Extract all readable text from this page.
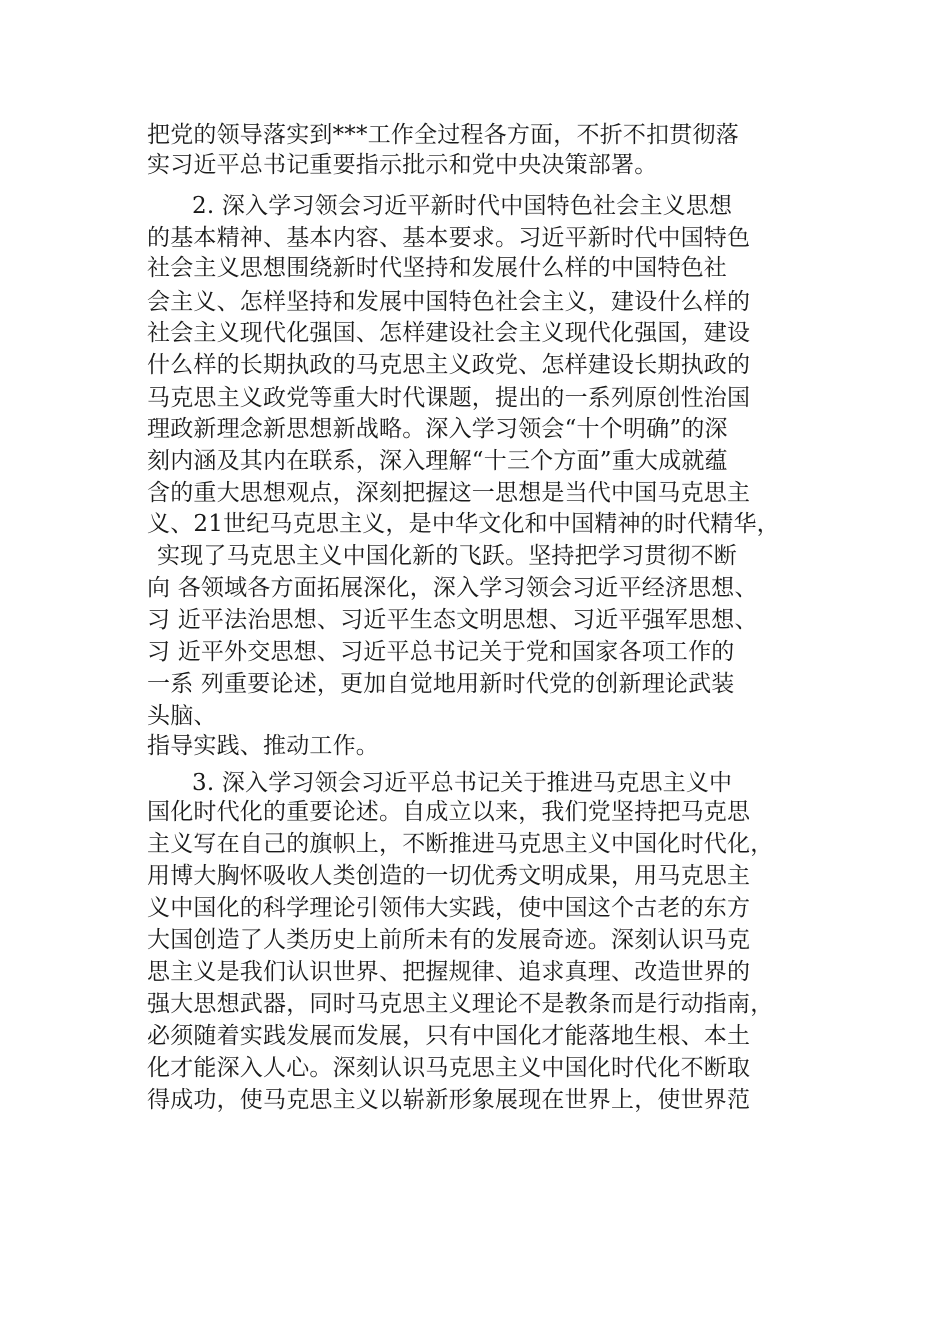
把党的领导落实到***工作全过程各方面，不折不扣贯彻落
实习近平总书记重要指示批示和党中央决策部署。
2. 深入学习领会习近平新时代中国特色社会主义思想
的基本精神、基本内容、基本要求。习近平新时代中国特色
社会主义思想围绕新时代坚持和发展什么样的中国特色社
会主义、怎样坚持和发展中国特色社会主义，建设什么样的
社会主义现代化强国、怎样建设社会主义现代化强国，建设
什么样的长期执政的马克思主义政党、怎样建设长期执政的
马克思主义政党等重大时代课题，提出的一系列原创性治国
理政新理念新思想新战略。深入学习领会“十个明确”的深
刻内涵及其内在联系，深入理解“十三个方面”重大成就蕴
含的重大思想观点，深刻把握这一思想是当代中国马克思主
义、21世纪马克思主义，是中华文化和中国精神的时代精华，
实现了马克思主义中国化新的飞跃。坚持把学习贯彻不断
向 各领域各方面拓展深化，深入学习领会习近平经济思想、
习 近平法治思想、习近平生态文明思想、习近平强军思想、
习 近平外交思想、习近平总书记关于党和国家各项工作的
一系 列重要论述，更加自觉地用新时代党的创新理论武装
头脑、
指导实践、推动工作。
3. 深入学习领会习近平总书记关于推进马克思主义中
国化时代化的重要论述。自成立以来，我们党坚持把马克思
主义写在自己的旗帜上，不断推进马克思主义中国化时代化，
用博大胸怀吸收人类创造的一切优秀文明成果，用马克思主
义中国化的科学理论引领伟大实践，使中国这个古老的东方
大国创造了人类历史上前所未有的发展奇迹。深刻认识马克
思主义是我们认识世界、把握规律、追求真理、改造世界的
强大思想武器，同时马克思主义理论不是教条而是行动指南，
必须随着实践发展而发展，只有中国化才能落地生根、本土
化才能深入人心。深刻认识马克思主义中国化时代化不断取
得成功，使马克思主义以崭新形象展现在世界上，使世界范
